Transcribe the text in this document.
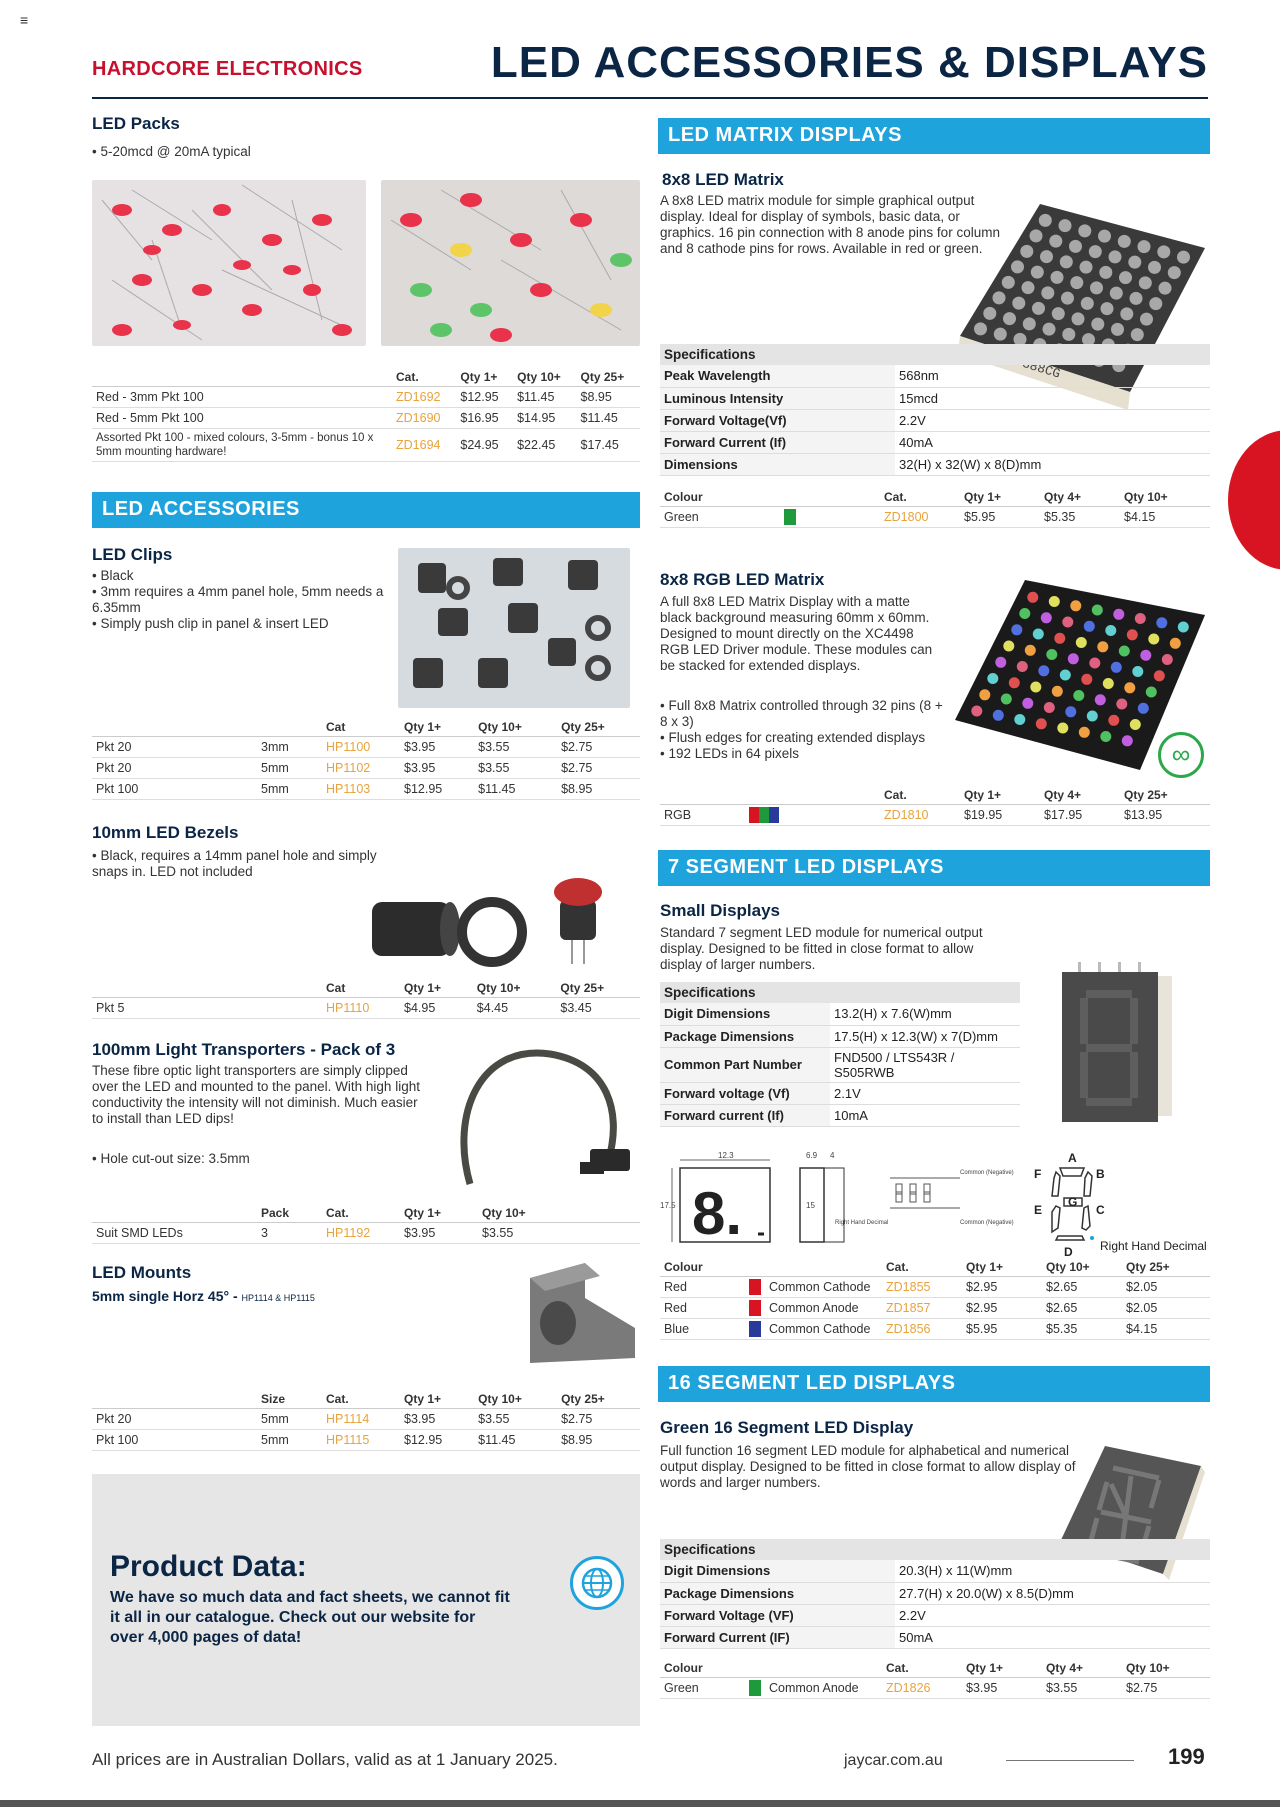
≡
HARDCORE ELECTRONICS	LED ACCESSORIES & DISPLAYS
LED Packs
• 5-20mcd @ 20mA typical
	Cat.	Qty 1+	Qty 10+	Qty 25+
Red - 3mm Pkt 100	ZD1692	$12.95	$11.45	$8.95
Red - 5mm Pkt 100	ZD1690	$16.95	$14.95	$11.45
Assorted Pkt 100 - mixed colours, 3-5mm - bonus 10 x 5mm mounting hardware!	ZD1694	$24.95	$22.45	$17.45
LED ACCESSORIES
LED Clips
• Black
• 3mm requires a 4mm panel hole, 5mm needs a 6.35mm
• Simply push clip in panel & insert LED
		Cat	Qty 1+	Qty 10+	Qty 25+
Pkt 20	3mm	HP1100	$3.95	$3.55	$2.75
Pkt 20	5mm	HP1102	$3.95	$3.55	$2.75
Pkt 100	5mm	HP1103	$12.95	$11.45	$8.95
10mm LED Bezels
• Black, requires a 14mm panel hole and simply snaps in. LED not included
	Cat	Qty 1+	Qty 10+	Qty 25+
Pkt 5	HP1110	$4.95	$4.45	$3.45
100mm Light Transporters - Pack of 3
These fibre optic light transporters are simply clipped over the LED and mounted to the panel. With high light conductivity the intensity will not diminish. Much easier to install than LED dips!
• Hole cut-out size: 3.5mm
	Pack	Cat.	Qty 1+	Qty 10+
Suit SMD LEDs	3	HP1192	$3.95	$3.55
LED Mounts
5mm single Horz 45° - HP1114 & HP1115
	Size	Cat.	Qty 1+	Qty 10+	Qty 25+
Pkt 20	5mm	HP1114	$3.95	$3.55	$2.75
Pkt 100	5mm	HP1115	$12.95	$11.45	$8.95
Product Data:
We have so much data and fact sheets, we cannot fit it all in our catalogue. Check out our website for over 4,000 pages of data!
LED MATRIX DISPLAYS
8x8 LED Matrix
A 8x8 LED matrix module for simple graphical output display. Ideal for display of symbols, basic data, or graphics. 16 pin connection with 8 anode pins for column and 8 cathode pins for rows. Available in red or green.
Specifications	
Peak Wavelength	568nm
Luminous Intensity	15mcd
Forward Voltage(Vf)	2.2V
Forward Current (If)	40mA
Dimensions	32(H) x 32(W) x 8(D)mm
Colour		Cat.	Qty 1+	Qty 4+	Qty 10+
Green		ZD1800	$5.95	$5.35	$4.15
8x8 RGB LED Matrix
A full 8x8 LED Matrix Display with a matte black background measuring 60mm x 60mm. Designed to mount directly on the XC4498 RGB LED Driver module. These modules can be stacked for extended displays.
• Full 8x8 Matrix controlled through 32 pins (8 + 8 x 3)
• Flush edges for creating extended displays
• 192 LEDs in 64 pixels	∞
		Cat.	Qty 1+	Qty 4+	Qty 25+
RGB		ZD1810	$19.95	$17.95	$13.95
7 SEGMENT LED DISPLAYS
Small Displays
Standard 7 segment LED module for numerical output display. Designed to be fitted in close format to allow display of larger numbers.
Specifications	
Digit Dimensions	13.2(H) x 7.6(W)mm
Package Dimensions	17.5(H) x 12.3(W) x 7(D)mm
Common Part Number	FND500 / LTS543R / S505RWB
Forward voltage (Vf)	2.1V
Forward current (If)	10mA
12.3
17.5 8.
6.9 4
15
Right Hand Decimal
Common (Negative)
Common (Negative)
A
B
C
D
E
F
G
Right Hand Decimal
Colour			Cat.	Qty 1+	Qty 10+	Qty 25+
Red		Common Cathode	ZD1855	$2.95	$2.65	$2.05
Red		Common Anode	ZD1857	$2.95	$2.65	$2.05
Blue		Common Cathode	ZD1856	$5.95	$5.35	$4.15
16 SEGMENT LED DISPLAYS
Green 16 Segment LED Display
Full function 16 segment LED module for alphabetical and numerical output display. Designed to be fitted in close format to allow display of words and larger numbers.
Specifications	
Digit Dimensions	20.3(H) x 11(W)mm
Package Dimensions	27.7(H) x 20.0(W) x 8.5(D)mm
Forward Voltage (VF)	2.2V
Forward Current (IF)	50mA
Colour			Cat.	Qty 1+	Qty 4+	Qty 10+
Green		Common Anode	ZD1826	$3.95	$3.55	$2.75
All prices are in Australian Dollars, valid as at 1 January 2025.	jaycar.com.au	199
